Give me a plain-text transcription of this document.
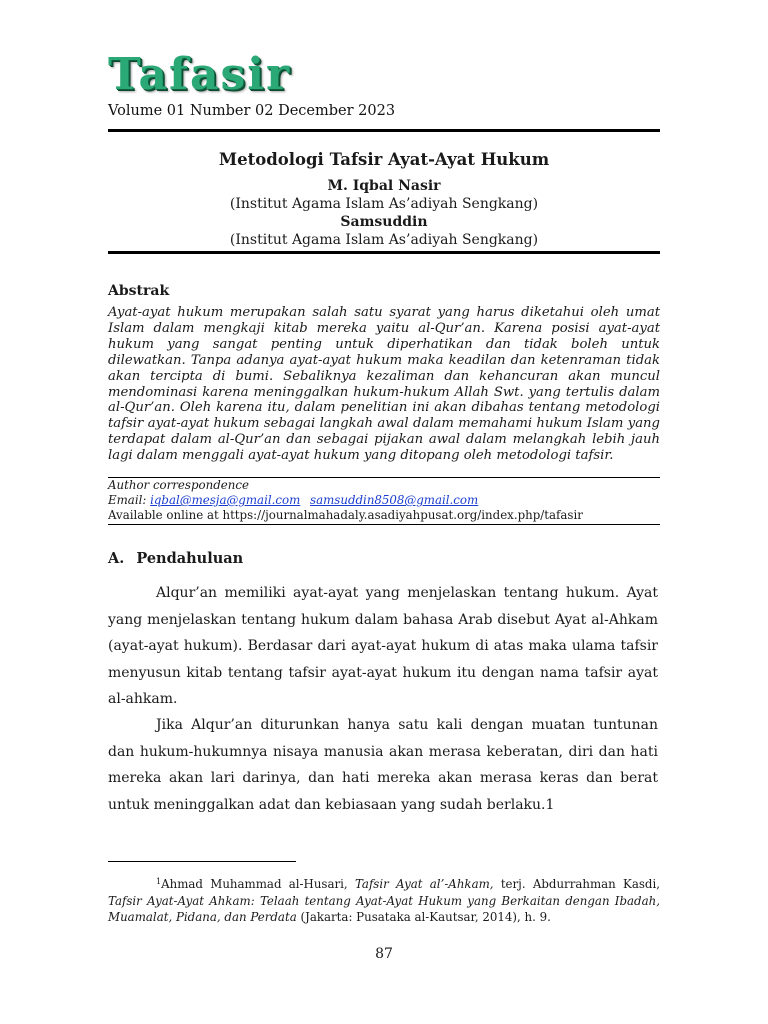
Tafasir
Volume 01 Number 02 December 2023
Metodologi Tafsir Ayat-Ayat Hukum
M. Iqbal Nasir
(Institut Agama Islam As’adiyah Sengkang)
Samsuddin
(Institut Agama Islam As’adiyah Sengkang)
Abstrak
Ayat-ayat hukum merupakan salah satu syarat yang harus diketahui oleh umat Islam dalam mengkaji kitab mereka yaitu al-Qur’an. Karena posisi ayat-ayat hukum yang sangat penting untuk diperhatikan dan tidak boleh untuk dilewatkan. Tanpa adanya ayat-ayat hukum maka keadilan dan ketenraman tidak akan tercipta di bumi. Sebaliknya kezaliman dan kehancuran akan muncul mendominasi karena meninggalkan hukum-hukum Allah Swt. yang tertulis dalam al-Qur’an. Oleh karena itu, dalam penelitian ini akan dibahas tentang metodologi tafsir ayat-ayat hukum sebagai langkah awal dalam memahami hukum Islam yang terdapat dalam al-Qur’an dan sebagai pijakan awal dalam melangkah lebih jauh lagi dalam menggali ayat-ayat hukum yang ditopang oleh metodologi tafsir.
Author correspondence
Email: iqbal@mesja@gmail.com samsuddin8508@gmail.com
Available online at https://journalmahadaly.asadiyahpusat.org/index.php/tafasir
A. Pendahuluan
Alqur’an memiliki ayat-ayat yang menjelaskan tentang hukum. Ayat yang menjelaskan tentang hukum dalam bahasa Arab disebut Ayat al-Ahkam (ayat-ayat hukum). Berdasar dari ayat-ayat hukum di atas maka ulama tafsir menyusun kitab tentang tafsir ayat-ayat hukum itu dengan nama tafsir ayat al-ahkam.
Jika Alqur’an diturunkan hanya satu kali dengan muatan tuntunan dan hukum-hukumnya nisaya manusia akan merasa keberatan, diri dan hati mereka akan lari darinya, dan hati mereka akan merasa keras dan berat untuk meninggalkan adat dan kebiasaan yang sudah berlaku.1
$^1$Ahmad Muhammad al-Husari, Tafsir Ayat al’-Ahkam, terj. Abdurrahman Kasdi, Tafsir Ayat-Ayat Ahkam: Telaah tentang Ayat-Ayat Hukum yang Berkaitan dengan Ibadah, Muamalat, Pidana, dan Perdata (Jakarta: Pusataka al-Kautsar, 2014), h. 9.
87
